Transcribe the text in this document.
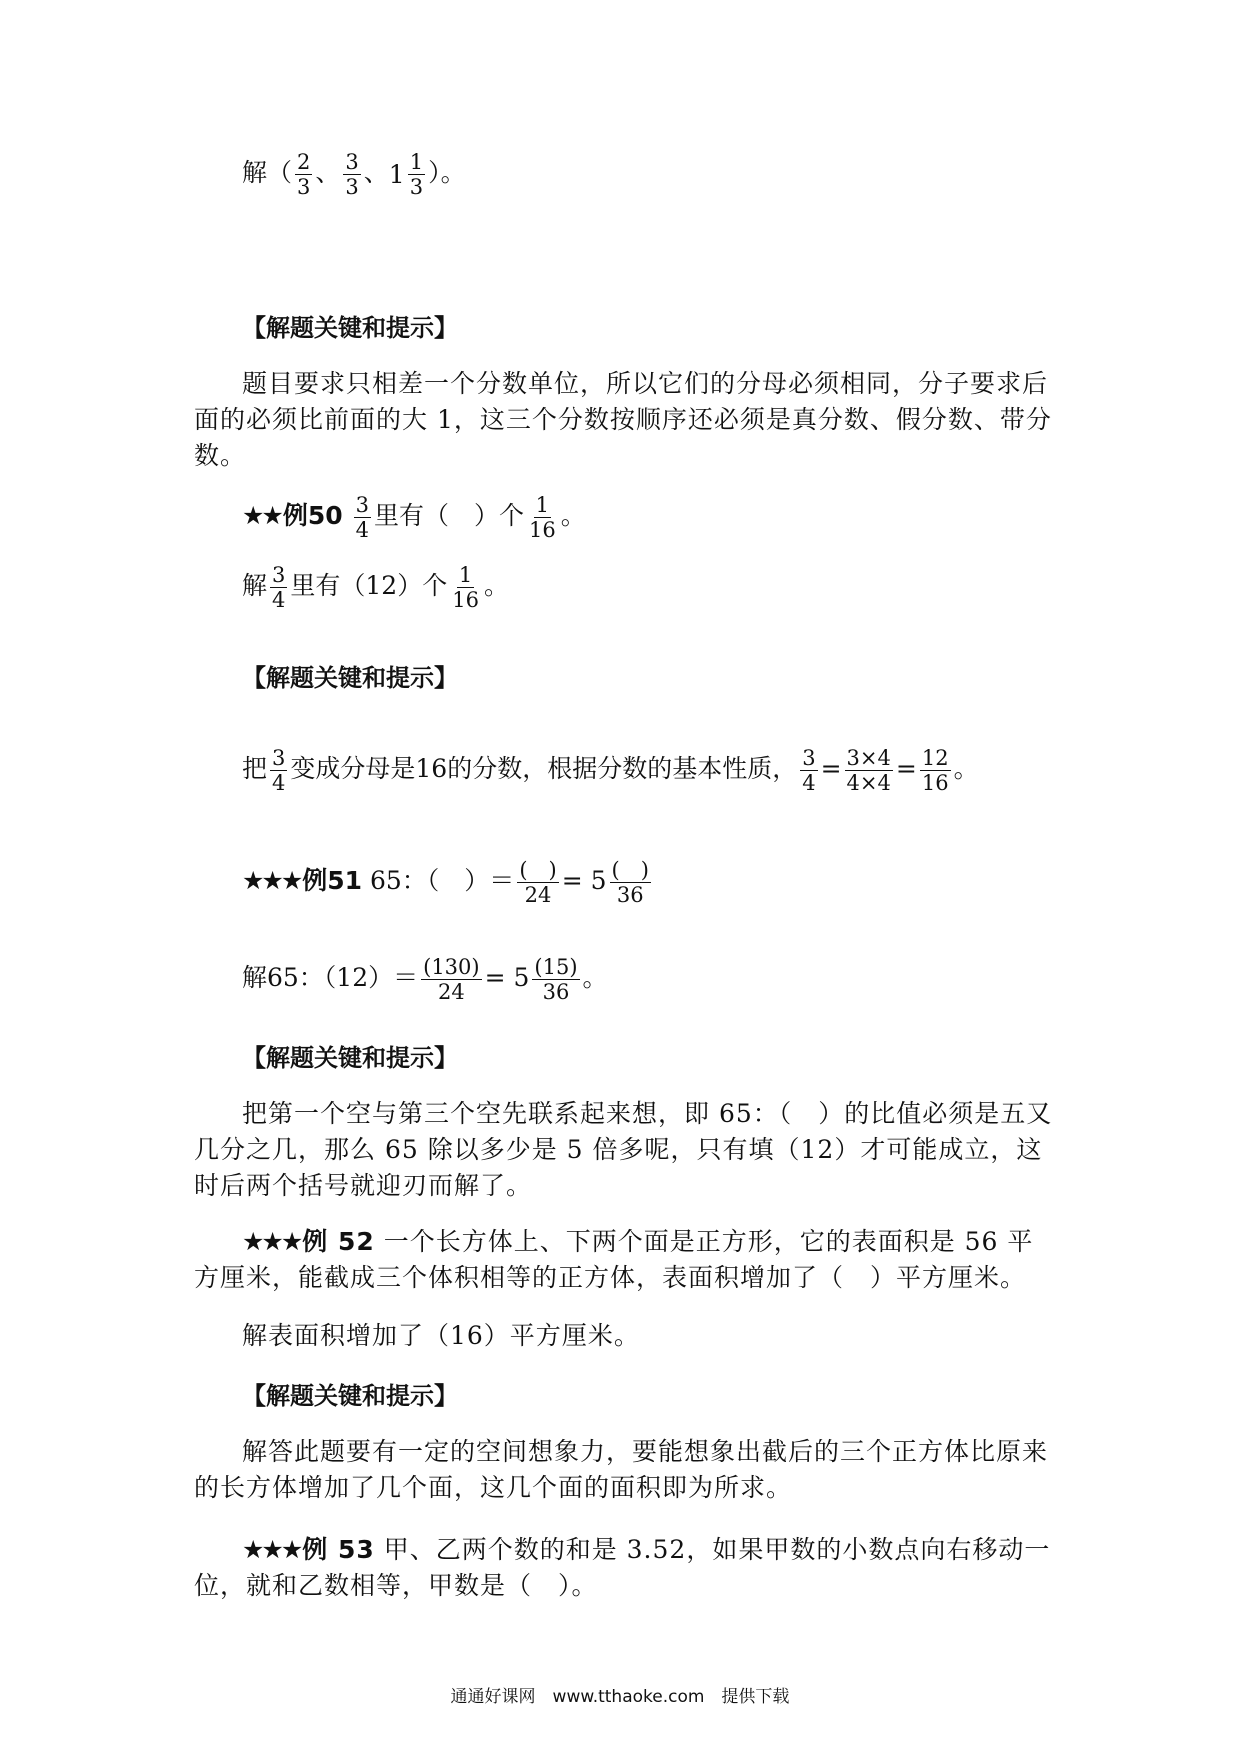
解（ $\frac{2}{3}$ 、 $\frac{3}{3}$ 、 $1 \frac{1}{3}$ ）。
【解题关键和提示】
题目要求只相差一个分数单位，所以它们的分母必须相同，分子要求后面的必须比前面的大 1，这三个分数按顺序还必须是真分数、假分数、带分数。
★★例$50 \frac{3}{4}$ 里有（　）个 $\frac{1}{16}$ 。
解 $\frac{3}{4}$ 里有（12）个 $\frac{1}{16}$ 。
【解题关键和提示】
把 $\frac{3}{4}$ 变成分母是16的分数，根据分数的基本性质， $\frac{3}{4} = \frac{3\times 4}{4\times 4} = \frac{12}{16}$ 。
★★★例51 65：（　）＝ $\frac{( )}{24} = 5 \frac{( )}{36}$
解65：$(12)= \frac{(130)}{24} = 5 \frac{(15)}{36}$ 。
【解题关键和提示】
把第一个空与第三个空先联系起来想，即 65：（　）的比值必须是五又几分之几，那么 65 除以多少是 5 倍多呢，只有填（12）才可能成立，这时后两个括号就迎刃而解了。
★★★例 52 一个长方体上、下两个面是正方形，它的表面积是 56 平方厘米，能截成三个体积相等的正方体，表面积增加了（　）平方厘米。
解表面积增加了（16）平方厘米。
【解题关键和提示】
解答此题要有一定的空间想象力，要能想象出截后的三个正方体比原来的长方体增加了几个面，这几个面的面积即为所求。
★★★例 53 甲、乙两个数的和是 3.52，如果甲数的小数点向右移动一位，就和乙数相等，甲数是（　）。
通通好课网　www.tthaoke.com　提供下载
